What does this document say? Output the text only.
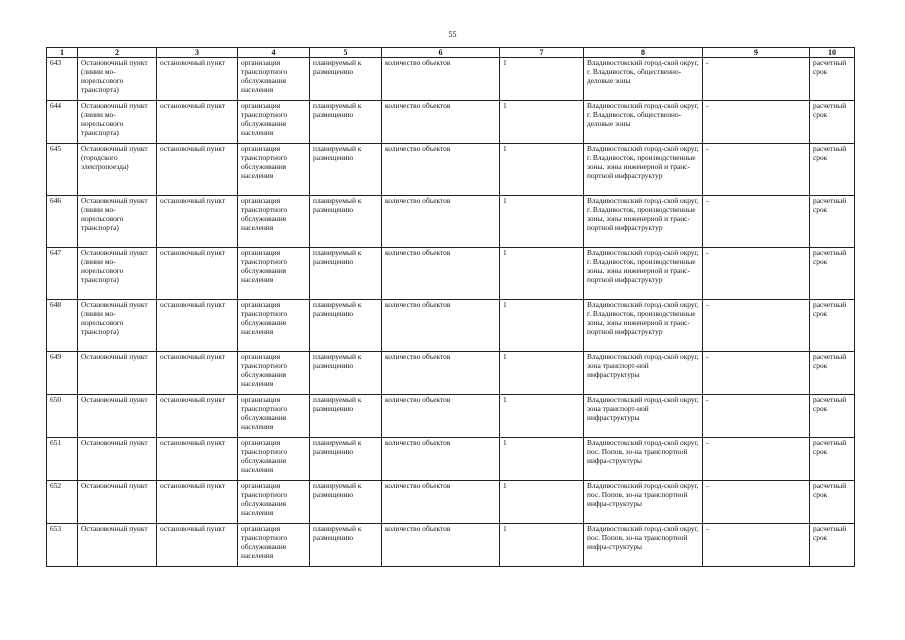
55
1	2	3	4	5	6	7	8	9	10
643	Остановочный пункт (линии мо-норельсового транспорта)	остановочный пункт	организация транспортного обслуживания населения	планируемый к размещению	количество объектов	1	Владивостокский город-ской округ, г. Владивосток, общественно-деловые зоны	-	расчетный срок
644	Остановочный пункт (линии мо-норельсового транспорта)	остановочный пункт	организация транспортного обслуживания населения	планируемый к размещению	количество объектов	1	Владивостокский город-ской округ, г. Владивосток, общественно-деловые зоны	-	расчетный срок
645	Остановочный пункт (городского электропоезда)	остановочный пункт	организация транспортного обслуживания населения	планируемый к размещению	количество объектов	1	Владивостокский город-ской округ, г. Владивосток, производственные зоны, зоны инженерной и транс-портной инфраструктур	-	расчетный срок
646	Остановочный пункт (линии мо-норельсового транспорта)	остановочный пункт	организация транспортного обслуживания населения	планируемый к размещению	количество объектов	1	Владивостокский город-ской округ, г. Владивосток, производственные зоны, зоны инженерной и транс-портной инфраструктур	-	расчетный срок
647	Остановочный пункт (линии мо-норельсового транспорта)	остановочный пункт	организация транспортного обслуживания населения	планируемый к размещению	количество объектов	1	Владивостокский город-ской округ, г. Владивосток, производственные зоны, зоны инженерной и транс-портной инфраструктур	-	расчетный срок
648	Остановочный пункт (линии мо-норельсового транспорта)	остановочный пункт	организация транспортного обслуживания населения	планируемый к размещению	количество объектов	1	Владивостокский город-ской округ, г. Владивосток, производственные зоны, зоны инженерной и транс-портной инфраструктур	-	расчетный срок
649	Остановочный пункт	остановочный пункт	организация транспортного обслуживания населения	планируемый к размещению	количество объектов	1	Владивостокский город-ской округ, зона транспорт-ной инфраструктуры	-	расчетный срок
650	Остановочный пункт	остановочный пункт	организация транспортного обслуживания населения	планируемый к размещению	количество объектов	1	Владивостокский город-ской округ, зона транспорт-ной инфраструктуры	-	расчетный срок
651	Остановочный пункт	остановочный пункт	организация транспортного обслуживания населения	планируемый к размещению	количество объектов	1	Владивостокский город-ской округ, пос. Попов, зо-на транспортной инфра-структуры	-	расчетный срок
652	Остановочный пункт	остановочный пункт	организация транспортного обслуживания населения	планируемый к размещению	количество объектов	1	Владивостокский город-ской округ, пос. Попов, зо-на транспортной инфра-структуры	-	расчетный срок
653	Остановочный пункт	остановочный пункт	организация транспортного обслуживания населения	планируемый к размещению	количество объектов	1	Владивостокский город-ской округ, пос. Попов, зо-на транспортной инфра-структуры	-	расчетный срок
